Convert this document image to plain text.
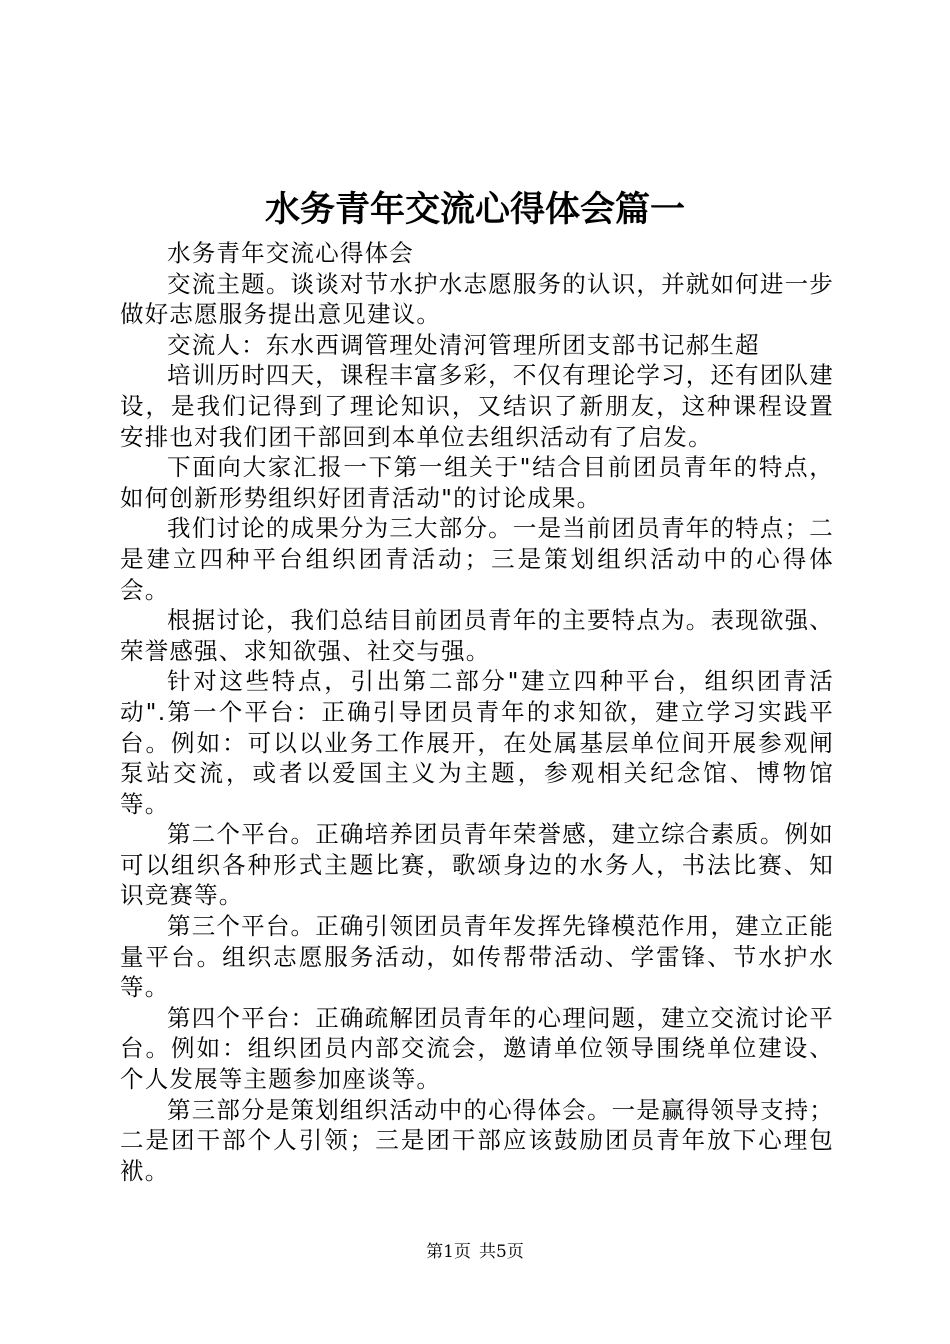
水务青年交流心得体会篇一

水务青年交流心得体会

交流主题。谈谈对节水护水志愿服务的认识，并就如何进一步做好志愿服务提出意见建议。

交流人：东水西调管理处清河管理所团支部书记郝生超

培训历时四天，课程丰富多彩，不仅有理论学习，还有团队建设，是我们记得到了理论知识，又结识了新朋友，这种课程设置安排也对我们团干部回到本单位去组织活动有了启发。

下面向大家汇报一下第一组关于"结合目前团员青年的特点，如何创新形势组织好团青活动"的讨论成果。

我们讨论的成果分为三大部分。一是当前团员青年的特点；二是建立四种平台组织团青活动；三是策划组织活动中的心得体会。

根据讨论，我们总结目前团员青年的主要特点为。表现欲强、荣誉感强、求知欲强、社交与强。

针对这些特点，引出第二部分"建立四种平台，组织团青活动".第一个平台：正确引导团员青年的求知欲，建立学习实践平台。例如：可以以业务工作展开，在处属基层单位间开展参观闸泵站交流，或者以爱国主义为主题，参观相关纪念馆、博物馆等。

第二个平台。正确培养团员青年荣誉感，建立综合素质。例如可以组织各种形式主题比赛，歌颂身边的水务人，书法比赛、知识竞赛等。

第三个平台。正确引领团员青年发挥先锋模范作用，建立正能量平台。组织志愿服务活动，如传帮带活动、学雷锋、节水护水等。

第四个平台：正确疏解团员青年的心理问题，建立交流讨论平台。例如：组织团员内部交流会，邀请单位领导围绕单位建设、个人发展等主题参加座谈等。

第三部分是策划组织活动中的心得体会。一是赢得领导支持；二是团干部个人引领；三是团干部应该鼓励团员青年放下心理包袱。

第1页 共5页
